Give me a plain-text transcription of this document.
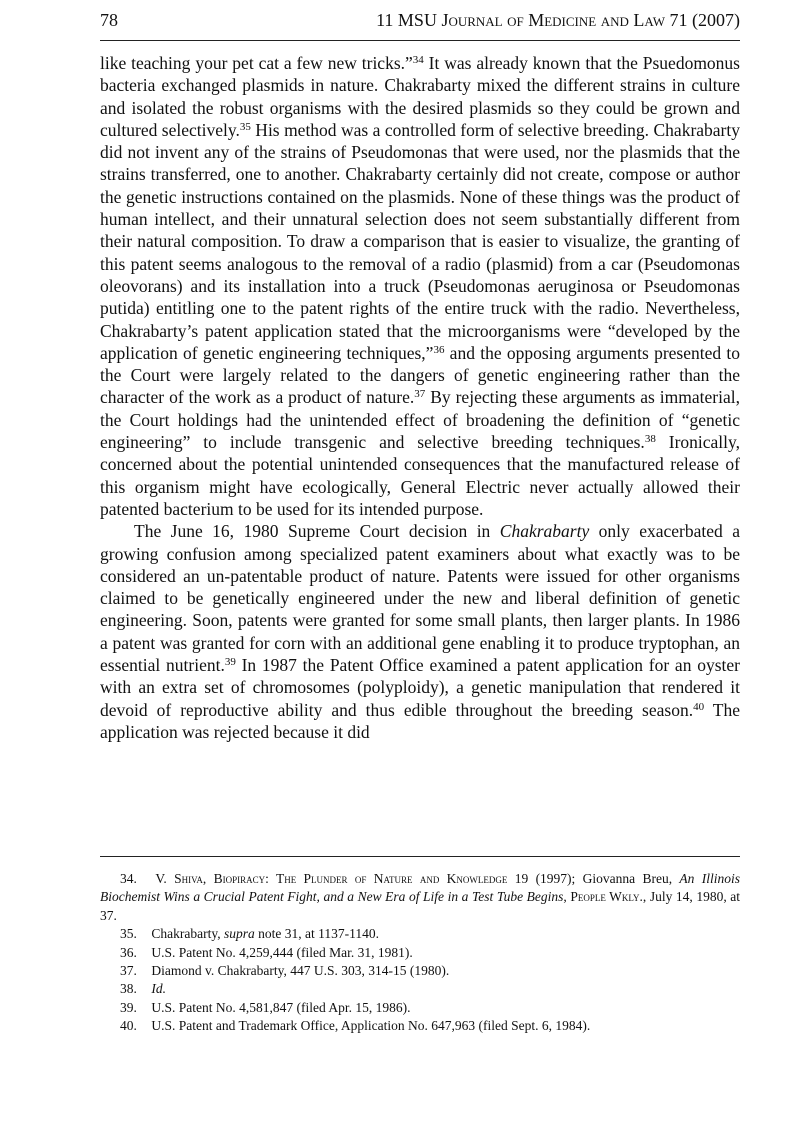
78	11 MSU Journal of Medicine and Law 71 (2007)

like teaching your pet cat a few new tricks.”$^{34}$ It was already known that the Psuedomonus bacteria exchanged plasmids in nature. Chakrabarty mixed the different strains in culture and isolated the robust organisms with the desired plasmids so they could be grown and cultured selectively.$^{35}$ His method was a controlled form of selective breeding. Chakrabarty did not invent any of the strains of Pseudomonas that were used, nor the plasmids that the strains transferred, one to another. Chakrabarty certainly did not create, compose or author the genetic instructions contained on the plasmids. None of these things was the product of human intellect, and their unnatural selection does not seem substantially different from their natural composition. To draw a comparison that is easier to visualize, the granting of this patent seems analogous to the removal of a radio (plasmid) from a car (Pseudomonas oleovorans) and its installation into a truck (Pseudomonas aeruginosa or Pseudomonas putida) entitling one to the patent rights of the entire truck with the radio. Nevertheless, Chakrabarty’s patent application stated that the microorganisms were “developed by the application of genetic engineering techniques,”$^{36}$ and the opposing arguments presented to the Court were largely related to the dangers of genetic engineering rather than the character of the work as a product of nature.$^{37}$ By rejecting these arguments as immaterial, the Court holdings had the unintended effect of broadening the definition of “genetic engineering” to include transgenic and selective breeding techniques.$^{38}$ Ironically, concerned about the potential unintended consequences that the manufactured release of this organism might have ecologically, General Electric never actually allowed their patented bacterium to be used for its intended purpose.

The June 16, 1980 Supreme Court decision in Chakrabarty only exacerbated a growing confusion among specialized patent examiners about what exactly was to be considered an un-patentable product of nature. Patents were issued for other organisms claimed to be genetically engineered under the new and liberal definition of genetic engineering. Soon, patents were granted for some small plants, then larger plants. In 1986 a patent was granted for corn with an additional gene enabling it to produce tryptophan, an essential nutrient.$^{39}$ In 1987 the Patent Office examined a patent application for an oyster with an extra set of chromosomes (polyploidy), a genetic manipulation that rendered it devoid of reproductive ability and thus edible throughout the breeding season.$^{40}$ The application was rejected because it did

34. V. Shiva, Biopiracy: The Plunder of Nature and Knowledge 19 (1997); Giovanna Breu, An Illinois Biochemist Wins a Crucial Patent Fight, and a New Era of Life in a Test Tube Begins, People Wkly., July 14, 1980, at 37.
35. Chakrabarty, supra note 31, at 1137-1140.
36. U.S. Patent No. 4,259,444 (filed Mar. 31, 1981).
37. Diamond v. Chakrabarty, 447 U.S. 303, 314-15 (1980).
38. Id.
39. U.S. Patent No. 4,581,847 (filed Apr. 15, 1986).
40. U.S. Patent and Trademark Office, Application No. 647,963 (filed Sept. 6, 1984).
